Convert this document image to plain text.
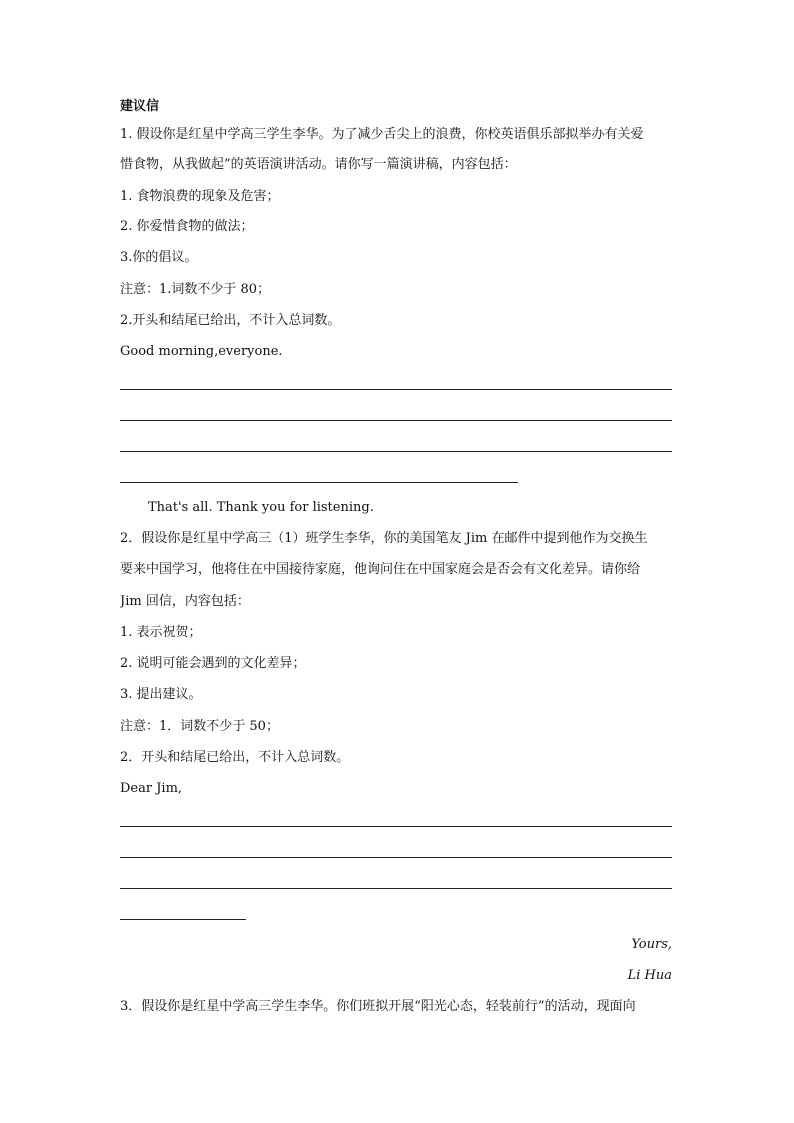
建议信
1. 假设你是红星中学高三学生李华。为了减少舌尖上的浪费，你校英语俱乐部拟举办有关爱
惜食物，从我做起”的英语演讲活动。请你写一篇演讲稿，内容包括：
1. 食物浪费的现象及危害；
2. 你爱惜食物的做法；
3.你的倡议。
注意：1.词数不少于 80；
2.开头和结尾已给出，不计入总词数。
Good morning,everyone.
That's all. Thank you for listening.
2．假设你是红星中学高三（1）班学生李华，你的美国笔友 Jim 在邮件中提到他作为交换生
要来中国学习，他将住在中国接待家庭，他询问住在中国家庭会是否会有文化差异。请你给
Jim 回信，内容包括：
1. 表示祝贺；
2. 说明可能会遇到的文化差异；
3. 提出建议。
注意：1．词数不少于 50；
2．开头和结尾已给出，不计入总词数。
Dear Jim,
Yours,
Li Hua
3．假设你是红星中学高三学生李华。你们班拟开展“阳光心态，轻装前行”的活动，现面向
